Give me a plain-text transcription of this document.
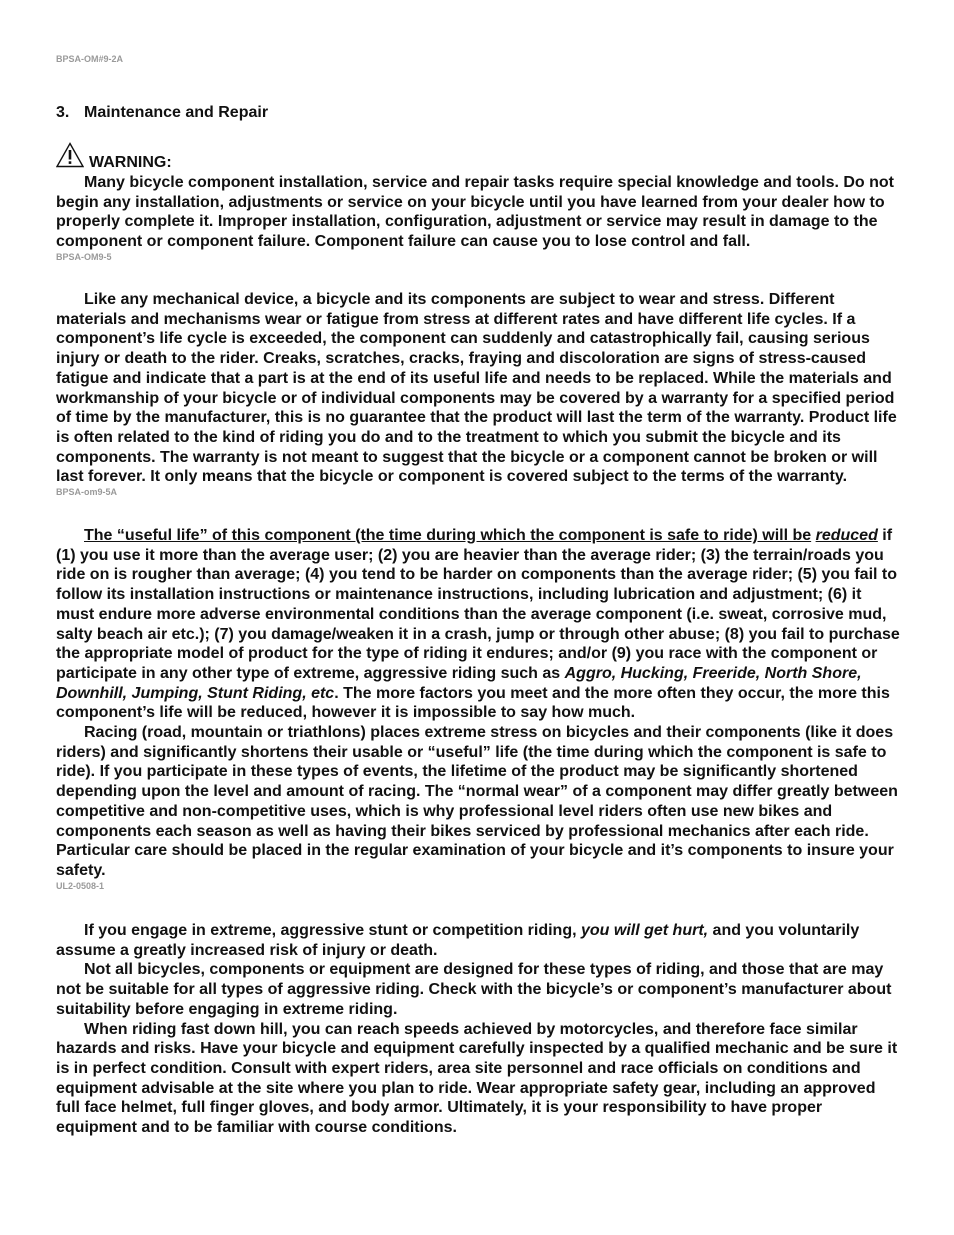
BPSA-OM#9-2A
3. Maintenance and Repair
WARNING:

Many bicycle component installation, service and repair tasks require special knowledge and tools. Do not begin any installation, adjustments or service on your bicycle until you have learned from your dealer how to properly complete it. Improper installation, configuration, adjustment or service may result in damage to the component or component failure. Component failure can cause you to lose control and fall.

BPSA-OM9-5

Like any mechanical device, a bicycle and its components are subject to wear and stress. Different materials and mechanisms wear or fatigue from stress at different rates and have different life cycles. If a component’s life cycle is exceeded, the component can suddenly and catastrophically fail, causing serious injury or death to the rider. Creaks, scratches, cracks, fraying and discoloration are signs of stress-caused fatigue and indicate that a part is at the end of its useful life and needs to be replaced. While the materials and workmanship of your bicycle or of individual components may be covered by a warranty for a specified period of time by the manufacturer, this is no guarantee that the product will last the term of the warranty. Product life is often related to the kind of riding you do and to the treatment to which you submit the bicycle and its components. The warranty is not meant to suggest that the bicycle or a component cannot be broken or will last forever. It only means that the bicycle or component is covered subject to the terms of the warranty.

BPSA-om9-5A

The “useful life” of this component (the time during which the component is safe to ride) will be reduced if (1) you use it more than the average user; (2) you are heavier than the average rider; (3) the terrain/roads you ride on is rougher than average; (4) you tend to be harder on components than the average rider; (5) you fail to follow its installation instructions or maintenance instructions, including lubrication and adjustment; (6) it must endure more adverse environmental conditions than the average component (i.e. sweat, corrosive mud, salty beach air etc.); (7) you damage/weaken it in a crash, jump or through other abuse; (8) you fail to purchase the appropriate model of product for the type of riding it endures; and/or (9) you race with the component or participate in any other type of extreme, aggressive riding such as Aggro, Hucking, Freeride, North Shore, Downhill, Jumping, Stunt Riding, etc. The more factors you meet and the more often they occur, the more this component’s life will be reduced, however it is impossible to say how much.

Racing (road, mountain or triathlons) places extreme stress on bicycles and their components (like it does riders) and significantly shortens their usable or “useful” life (the time during which the component is safe to ride). If you participate in these types of events, the lifetime of the product may be significantly shortened depending upon the level and amount of racing. The “normal wear” of a component may differ greatly between competitive and non-competitive uses, which is why professional level riders often use new bikes and components each season as well as having their bikes serviced by professional mechanics after each ride. Particular care should be placed in the regular examination of your bicycle and it’s components to insure your safety.

UL2-0508-1

If you engage in extreme, aggressive stunt or competition riding, you will get hurt, and you voluntarily assume a greatly increased risk of injury or death.

Not all bicycles, components or equipment are designed for these types of riding, and those that are may not be suitable for all types of aggressive riding. Check with the bicycle’s or component’s manufacturer about suitability before engaging in extreme riding.

When riding fast down hill, you can reach speeds achieved by motorcycles, and therefore face similar hazards and risks. Have your bicycle and equipment carefully inspected by a qualified mechanic and be sure it is in perfect condition. Consult with expert riders, area site personnel and race officials on conditions and equipment advisable at the site where you plan to ride. Wear appropriate safety gear, including an approved full face helmet, full finger gloves, and body armor. Ultimately, it is your responsibility to have proper equipment and to be familiar with course conditions.
